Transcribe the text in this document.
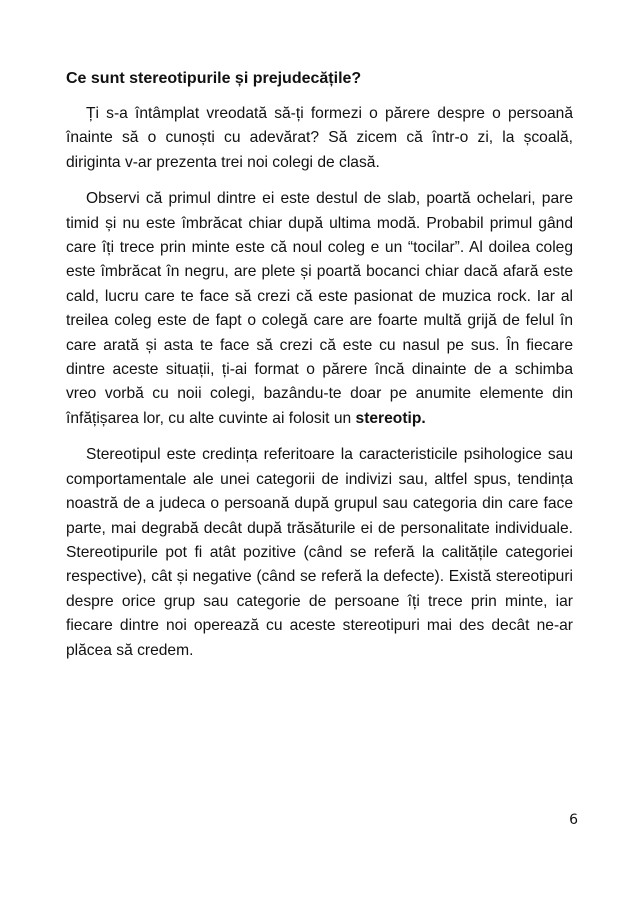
Ce sunt stereotipurile și prejudecățile?

Ți s-a întâmplat vreodată să-ți formezi o părere despre o persoană înainte să o cunoști cu adevărat? Să zicem că într-o zi, la școală, diriginta v-ar prezenta trei noi colegi de clasă.

Observi că primul dintre ei este destul de slab, poartă ochelari, pare timid și nu este îmbrăcat chiar după ultima modă. Probabil primul gând care îți trece prin minte este că noul coleg e un “tocilar”. Al doilea coleg este îmbrăcat în negru, are plete și poartă bocanci chiar dacă afară este cald, lucru care te face să crezi că este pasionat de muzica rock. Iar al treilea coleg este de fapt o colegă care are foarte multă grijă de felul în care arată și asta te face să crezi că este cu nasul pe sus. În fiecare dintre aceste situații, ți-ai format o părere încă dinainte de a schimba vreo vorbă cu noii colegi, bazându-te doar pe anumite elemente din înfățișarea lor, cu alte cuvinte ai folosit un stereotip.

Stereotipul este credința referitoare la caracteristicile psihologice sau comportamentale ale unei categorii de indivizi sau, altfel spus, tendința noastră de a judeca o persoană după grupul sau categoria din care face parte, mai degrabă decât după trăsăturile ei de personalitate individuale. Stereotipurile pot fi atât pozitive (când se referă la calitățile categoriei respective), cât și negative (când se referă la defecte). Există stereotipuri despre orice grup sau categorie de persoane îți trece prin minte, iar fiecare dintre noi operează cu aceste stereotipuri mai des decât ne-ar plăcea să credem.

6
